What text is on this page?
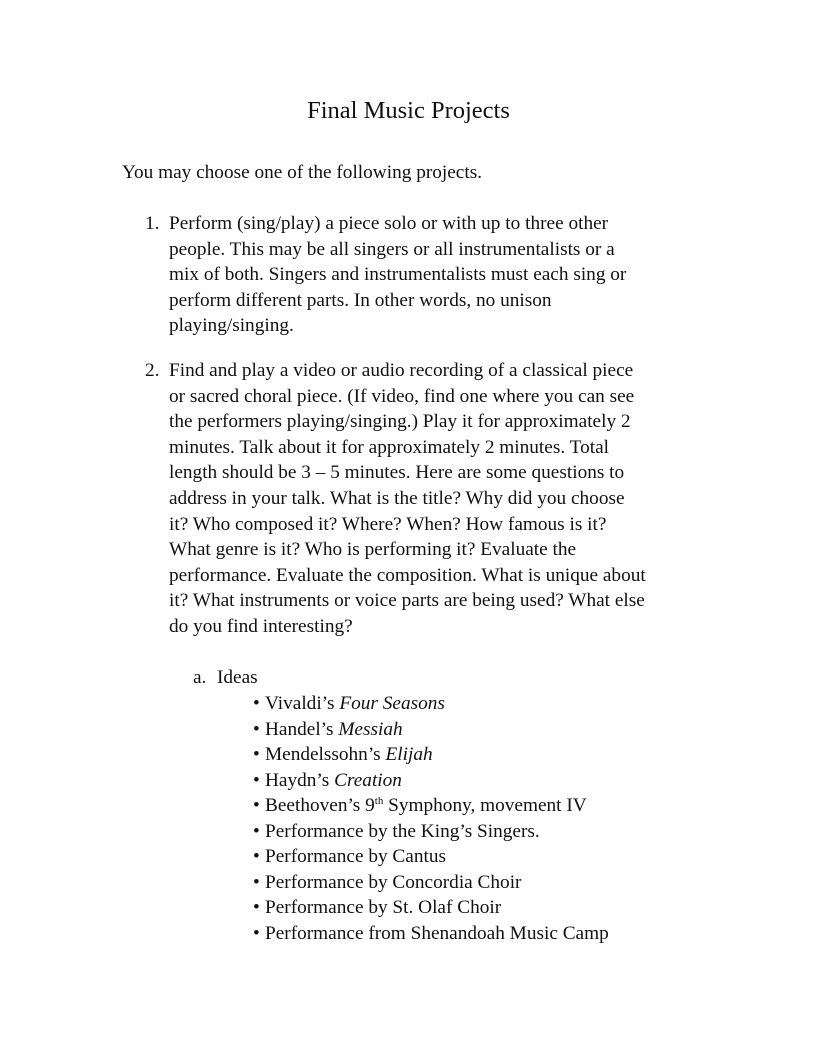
Final Music Projects
You may choose one of the following projects.
1. Perform (sing/play) a piece solo or with up to three other
people. This may be all singers or all instrumentalists or a
mix of both. Singers and instrumentalists must each sing or
perform different parts. In other words, no unison
playing/singing.
2. Find and play a video or audio recording of a classical piece
or sacred choral piece. (If video, find one where you can see
the performers playing/singing.) Play it for approximately 2
minutes. Talk about it for approximately 2 minutes. Total
length should be 3 – 5 minutes. Here are some questions to
address in your talk. What is the title? Why did you choose
it? Who composed it? Where? When? How famous is it?
What genre is it? Who is performing it? Evaluate the
performance. Evaluate the composition. What is unique about
it? What instruments or voice parts are being used? What else
do you find interesting?
a. Ideas
• Vivaldi’s Four Seasons
• Handel’s Messiah
• Mendelssohn’s Elijah
• Haydn’s Creation
• Beethoven’s 9th Symphony, movement IV
• Performance by the King’s Singers.
• Performance by Cantus
• Performance by Concordia Choir
• Performance by St. Olaf Choir
• Performance from Shenandoah Music Camp
